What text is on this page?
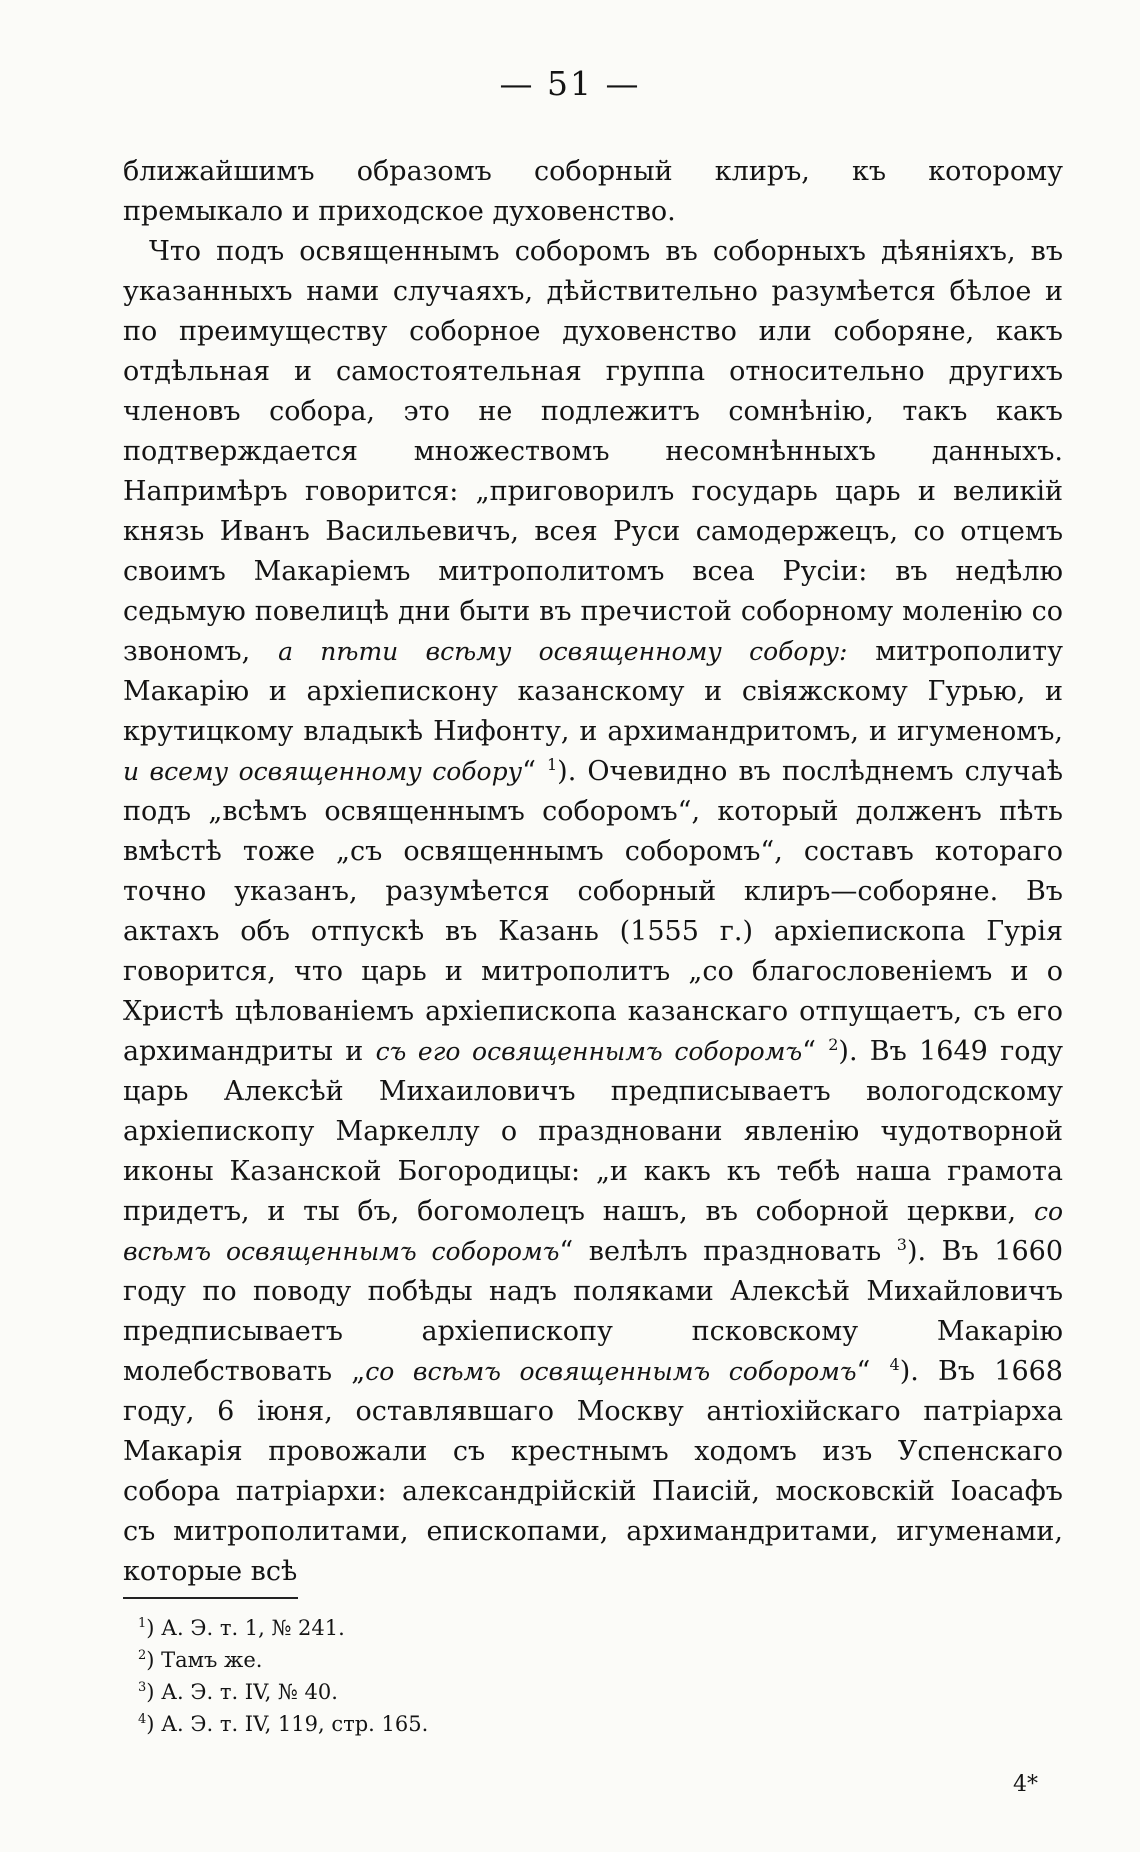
— 51 —

ближайшимъ образомъ соборный клиръ, къ которому премыкало и приходское духовенство.

Что подъ освященнымъ соборомъ въ соборныхъ дѣяніяхъ, въ указанныхъ нами случаяхъ, дѣйствительно разумѣется бѣлое и по преимуществу соборное духовенство или соборяне, какъ отдѣльная и самостоятельная группа относительно другихъ членовъ собора, это не подлежитъ сомнѣнію, такъ какъ подтверждается множествомъ несомнѣнныхъ данныхъ. Напримѣръ говорится: „приговорилъ государь царь и великій князь Иванъ Васильевичъ, всея Руси самодержецъ, со отцемъ своимъ Макаріемъ митрополитомъ всеа Русіи: въ недѣлю седьмую повелицѣ дни быти въ пречистой соборному моленію со звономъ, а пѣти всѣму освященному собору: митрополиту Макарію и архіепискону казанскому и свіяжскому Гурью, и крутицкому владыкѣ Нифонту, и архимандритомъ, и игуменомъ, и всему освященному собору“ $^1$). Очевидно въ послѣднемъ случаѣ подъ „всѣмъ освященнымъ соборомъ“, который долженъ пѣть вмѣстѣ тоже „съ освященнымъ соборомъ“, составъ котораго точно указанъ, разумѣется соборный клиръ—соборяне. Въ актахъ объ отпускѣ въ Казань (1555 г.) архіепископа Гурія говорится, что царь и митрополитъ „со благословеніемъ и о Христѣ цѣлованіемъ архіепископа казанскаго отпущаетъ, съ его архимандриты и съ его освященнымъ соборомъ“ $^2$). Въ 1649 году царь Алексѣй Михаиловичъ предписываетъ вологодскому архіепископу Маркеллу о праздновани явленію чудотворной иконы Казанской Богородицы: „и какъ къ тебѣ наша грамота придетъ, и ты бъ, богомолецъ нашъ, въ соборной церкви, со всѣмъ освященнымъ соборомъ“ велѣлъ праздновать $^3$). Въ 1660 году по поводу побѣды надъ поляками Алексѣй Михайловичъ предписываетъ архіепископу псковскому Макарію молебствовать „со всѣмъ освященнымъ соборомъ“ $^4$). Въ 1668 году, 6 іюня, оставлявшаго Москву антіохійскаго патріарха Макарія провожали съ крестнымъ ходомъ изъ Успенскаго собора патріархи: александрійскій Паисій, московскій Іоасафъ съ митрополитами, епископами, архимандритами, игуменами, которые всѣ

$^1$) А. Э. т. 1, № 241.
$^2$) Тамъ же.
$^3$) А. Э. т. IV, № 40.
$^4$) А. Э. т. IV, 119, стр. 165.
4*
